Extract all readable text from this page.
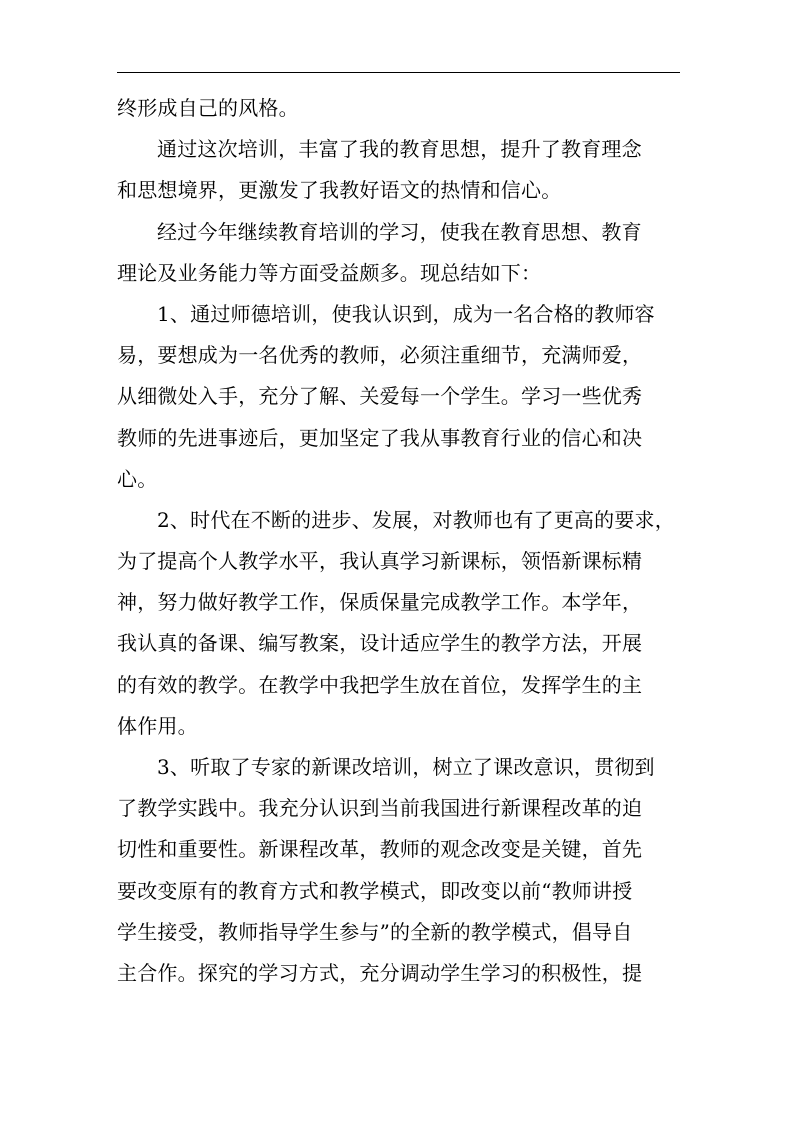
终形成自己的风格。
通过这次培训，丰富了我的教育思想，提升了教育理念
和思想境界，更激发了我教好语文的热情和信心。
经过今年继续教育培训的学习，使我在教育思想、教育
理论及业务能力等方面受益颇多。现总结如下：
1、通过师德培训，使我认识到，成为一名合格的教师容
易，要想成为一名优秀的教师，必须注重细节，充满师爱，
从细微处入手，充分了解、关爱每一个学生。学习一些优秀
教师的先进事迹后，更加坚定了我从事教育行业的信心和决
心。
2、时代在不断的进步、发展，对教师也有了更高的要求，
为了提高个人教学水平，我认真学习新课标，领悟新课标精
神，努力做好教学工作，保质保量完成教学工作。本学年，
我认真的备课、编写教案，设计适应学生的教学方法，开展
的有效的教学。在教学中我把学生放在首位，发挥学生的主
体作用。
3、听取了专家的新课改培训，树立了课改意识，贯彻到
了教学实践中。我充分认识到当前我国进行新课程改革的迫
切性和重要性。新课程改革，教师的观念改变是关键，首先
要改变原有的教育方式和教学模式，即改变以前“教师讲授
学生接受，教师指导学生参与”的全新的教学模式，倡导自
主合作。探究的学习方式，充分调动学生学习的积极性，提
